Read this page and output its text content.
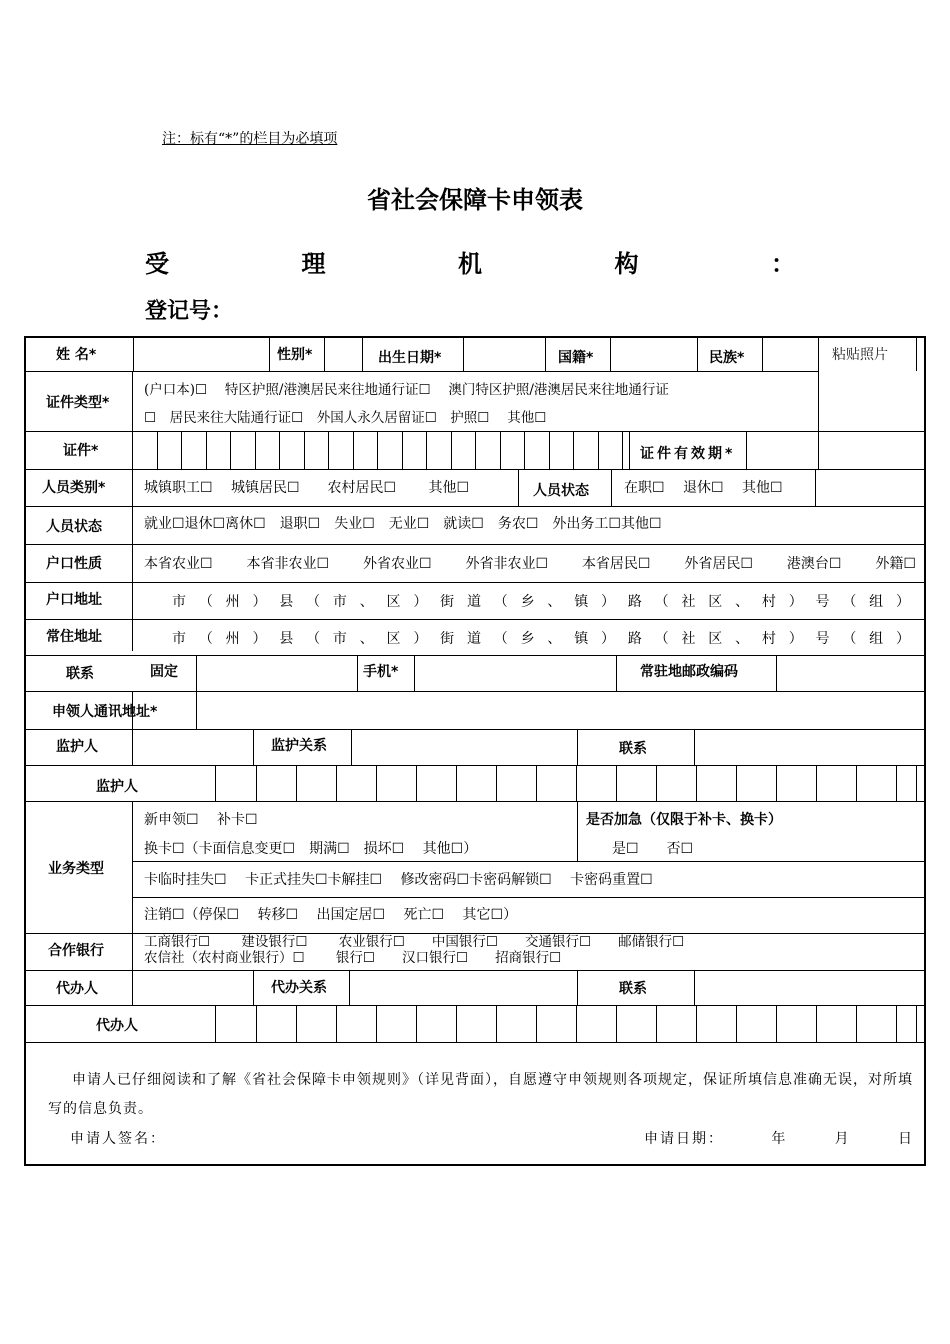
注：标有“*”的栏目为必填项
省社会保障卡申领表
受	理	机	构	：
登记号：
姓 名*	性别*	出生日期*	国籍*	民族*	粘贴照片
证件类型*
(户口本)☐　 特区护照/港澳居民来往地通行证☐　 澳门特区护照/港澳居民来往地通行证
☐　居民来往大陆通行证☐　外国人永久居留证☐　护照☐　 其他☐
证件*	证件有效期*
人员类别*	城镇职工☐　 城镇居民☐　　农村居民☐　　 其他☐	人员状态	在职☐　 退休☐　 其他☐
人员状态	就业☐退休☐离休☐　退职☐　失业☐　无业☐　就读☐　务农☐　外出务工☐其他☐
户口性质	本省农业☐ 本省非农业☐ 外省农业☐ 外省非农业☐ 本省居民☐ 外省居民☐ 港澳台☐ 外籍☐
户口地址	市 （ 州 ） 县 （ 市 、 区 ） 街 道 （ 乡 、 镇 ） 路 （ 社 区 、 村 ） 号 （ 组 ）
常住地址	市 （ 州 ） 县 （ 市 、 区 ） 街 道 （ 乡 、 镇 ） 路 （ 社 区 、 村 ） 号 （ 组 ）
联系	固定	手机*	常驻地邮政编码
申领人通讯地址*
监护人	监护关系	联系
监护人
业务类型
新申领☐　 补卡☐	是否加急（仅限于补卡、换卡）
换卡☐（卡面信息变更☐　期满☐　损坏☐　 其他☐）	是☐　　否☐
卡临时挂失☐　 卡正式挂失☐卡解挂☐　 修改密码☐卡密码解锁☐　 卡密码重置☐
注销☐（停保☐　 转移☐　 出国定居☐　 死亡☐　 其它☐）
合作银行
工商银行☐　　 建设银行☐　　 农业银行☐　　中国银行☐　　交通银行☐　　邮储银行☐
农信社（农村商业银行）☐　　 银行☐　　汉口银行☐　　招商银行☐
代办人	代办关系	联系
代办人
申请人已仔细阅读和了解《省社会保障卡申领规则》（详见背面），自愿遵守申领规则各项规定，保证所填信息准确无误，对所填写的信息负责。
申请人签名：	申请日期：	年	月	日
